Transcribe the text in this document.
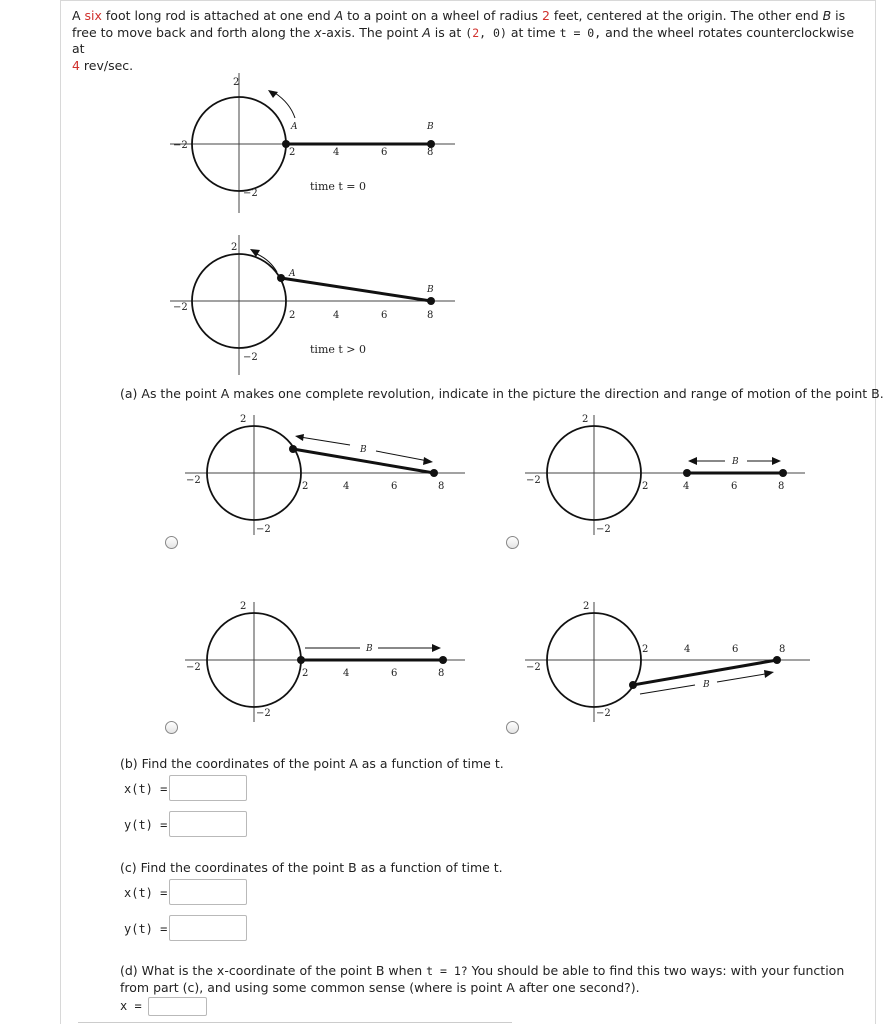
A six foot long rod is attached at one end A to a point on a wheel of radius 2 feet, centered at the origin. The other end B is free to move back and forth along the x-axis. The point A is at (2, 0) at time t = 0, and the wheel rotates counterclockwise at
4 rev/sec.
2
−2
−2
2	4	6	8
A	B
time t = 0
2
−2
−2
2	4	6	8
A
B
time t > 0
(a) As the point A makes one complete revolution, indicate in the picture the direction and range of motion of the point B.
B
2
−2
−2
2	4	6	8
B
2
−2
−2
2	4	6	8
B
2
−2
−2
2	4	6	8
B
2
−2
−2
2	4	6	8
(b) Find the coordinates of the point A as a function of time t.
x(t) =
y(t) =
(c) Find the coordinates of the point B as a function of time t.
x(t) =
y(t) =
(d) What is the x-coordinate of the point B when t = 1? You should be able to find this two ways: with your function from part (c), and using some common sense (where is point A after one second?).
x =
